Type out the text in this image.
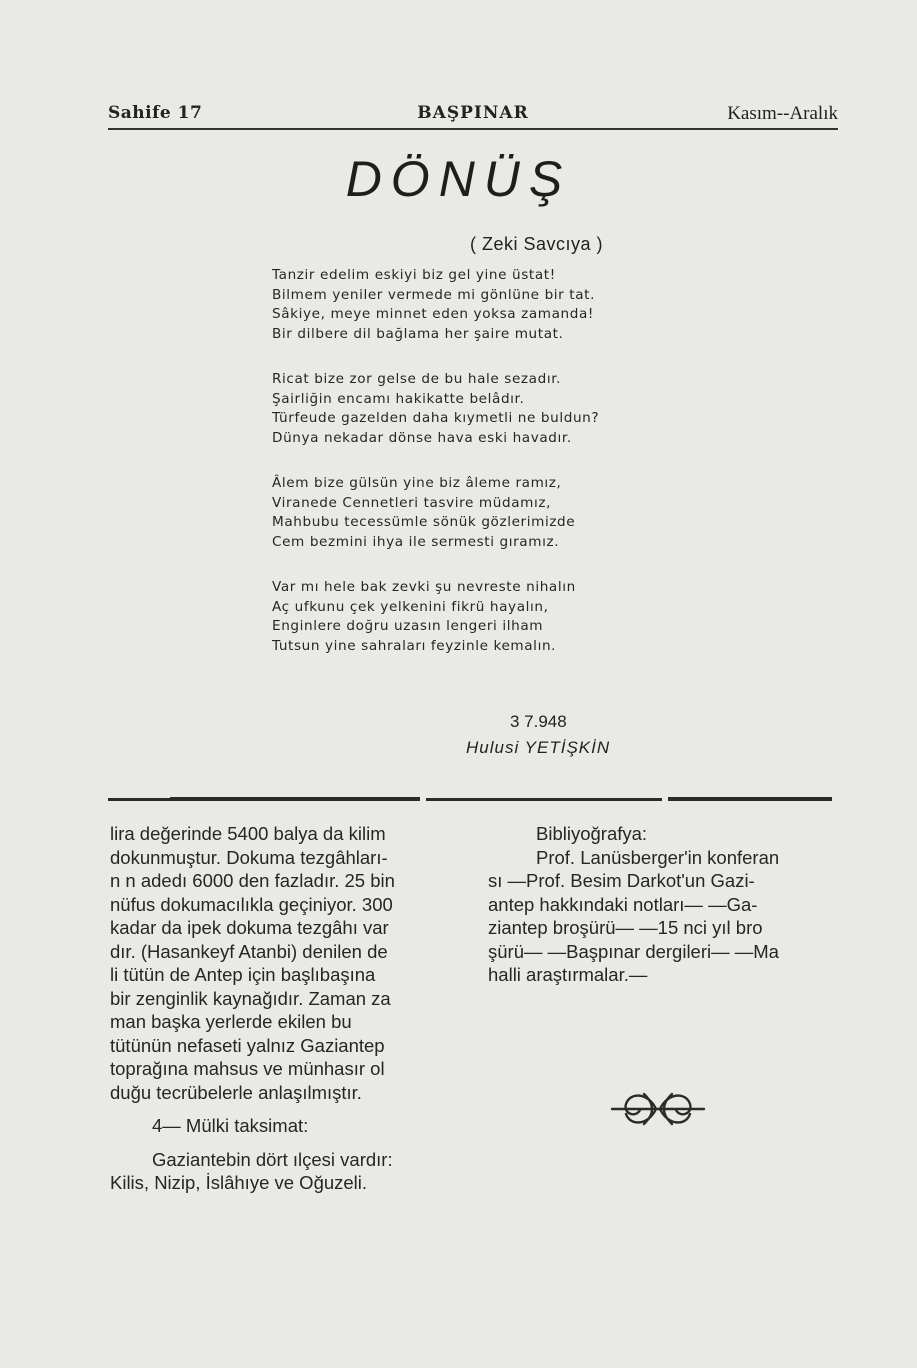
Sahife 17	BAŞPINAR	Kasım--Aralık
DÖNÜŞ
( Zeki Savcıya )
Tanzir edelim eskiyi biz gel yine üstat!
Bilmem yeniler vermede mi gönlüne bir tat.
Sâkiye, meye minnet eden yoksa zamanda!
Bir dilbere dil bağlama her şaire mutat.
Ricat bize zor gelse de bu hale sezadır.
Şairliğin encamı hakikatte belâdır.
Türfeude gazelden daha kıymetli ne buldun?
Dünya nekadar dönse hava eski havadır.
Âlem bize gülsün yine biz âleme ramız,
Viranede Cennetleri tasvire müdamız,
Mahbubu tecessümle sönük gözlerimizde
Cem bezmini ihya ile sermesti gıramız.
Var mı hele bak zevki şu nevreste nihalın
Aç ufkunu çek yelkenini fikrü hayalın,
Enginlere doğru uzasın lengeri ilham
Tutsun yine sahraları feyzinle kemalın.
3 7.948
Hulusi YETİŞKİN

lira değerinde 5400 balya da kilim

dokunmuştur. Dokuma tezgâhları-

n n adedı 6000 den fazladır. 25 bin

nüfus dokumacılıkla geçiniyor. 300

kadar da ipek dokuma tezgâhı var

dır. (Hasankeyf Atanbi) denilen de

li tütün de Antep için başlıbaşına

bir zenginlik kaynağıdır. Zaman za

man başka yerlerde ekilen bu

tütünün nefaseti yalnız Gaziantep

toprağına mahsus ve münhasır ol

duğu tecrübelerle anlaşılmıştır.

4— Mülki taksimat:

Gaziantebin dört ılçesi vardır:

Kilis, Nizip, İslâhıye ve Oğuzeli.

Bibliyoğrafya:

Prof. Lanüsberger'in konferan

sı —Prof. Besim Darkot'un Gazi-

antep hakkındaki notları— —Ga-

ziantep broşürü— —15 nci yıl bro

şürü— —Başpınar dergileri— —Ma

halli araştırmalar.—
